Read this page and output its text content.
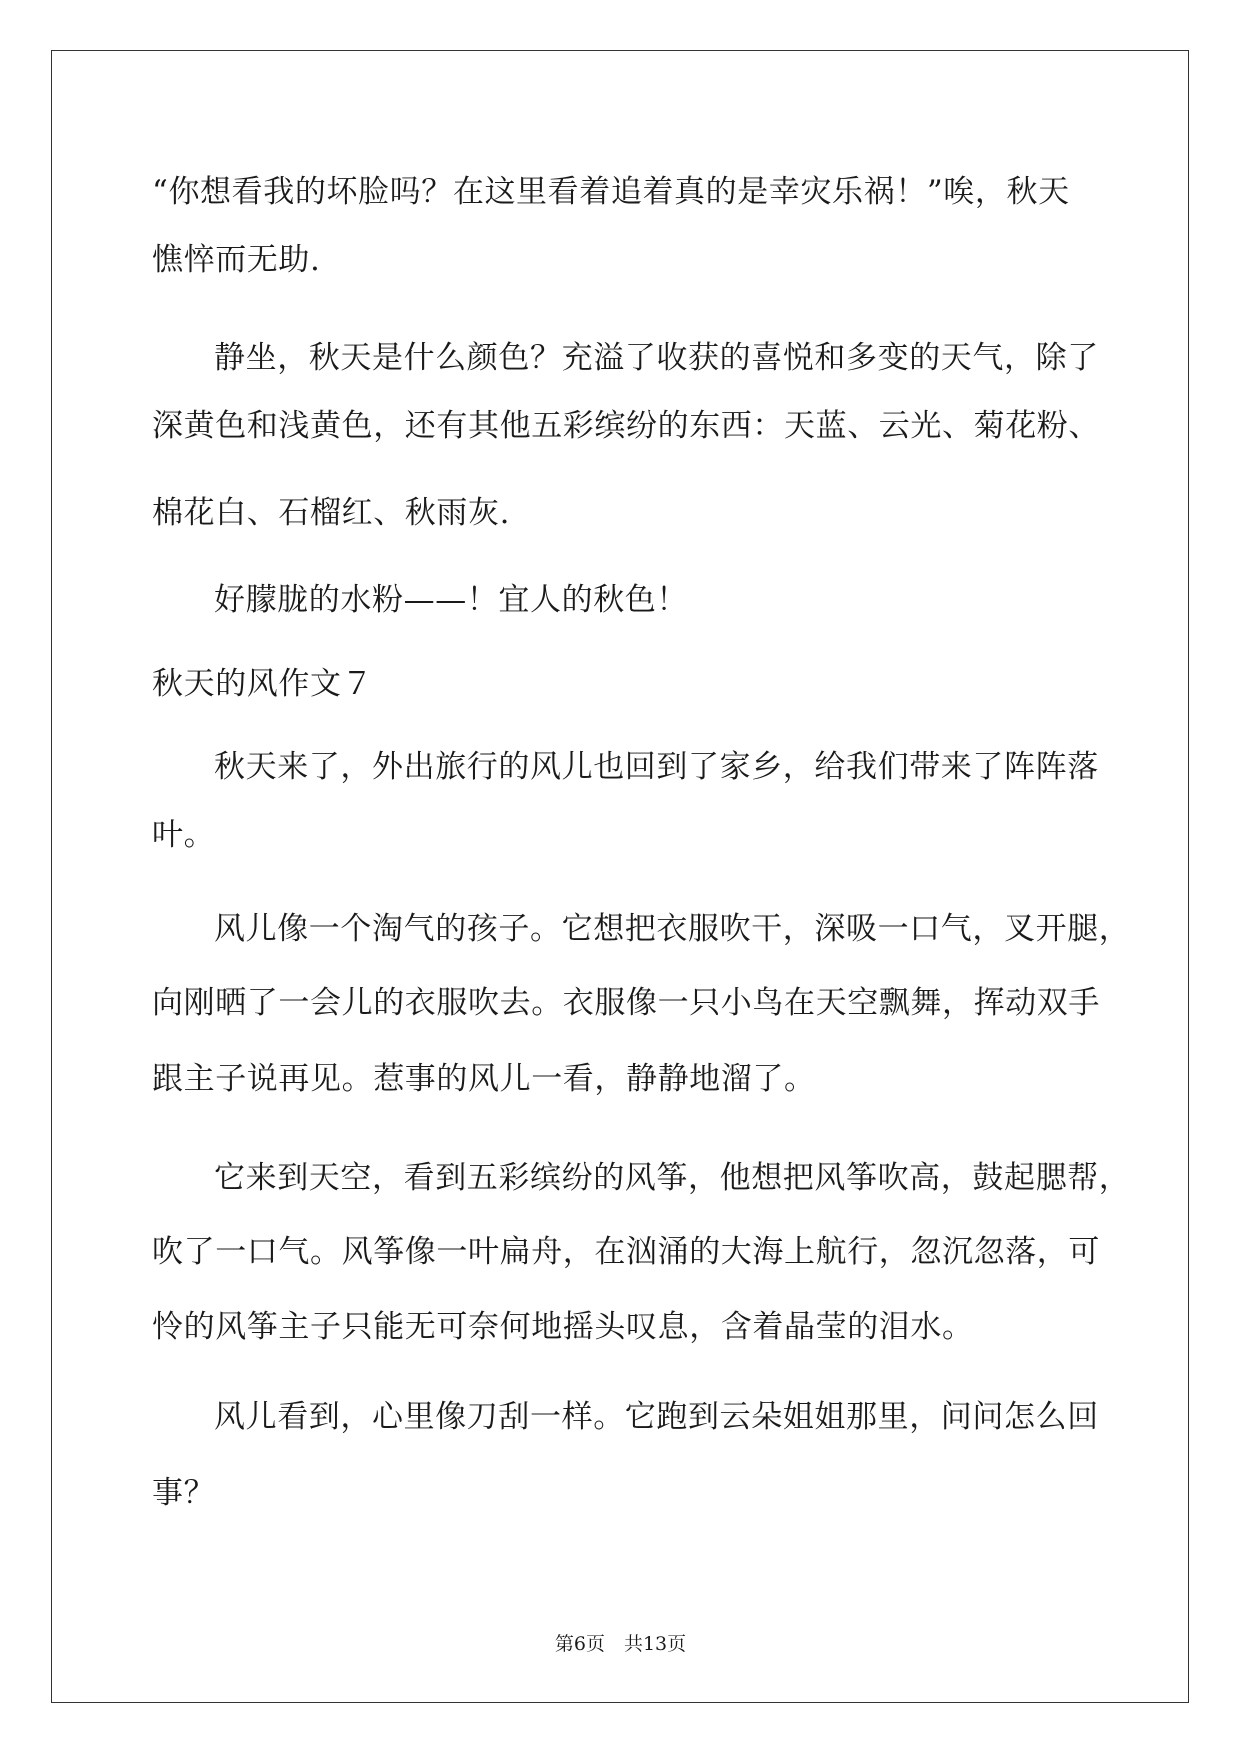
“你想看我的坏脸吗？在这里看着追着真的是幸灾乐祸！”唉，秋天
憔悴而无助.
静坐，秋天是什么颜色？充溢了收获的喜悦和多变的天气，除了
深黄色和浅黄色，还有其他五彩缤纷的东西：天蓝、云光、菊花粉、
棉花白、石榴红、秋雨灰.
好朦胧的水粉——！宜人的秋色！
秋天的风作文７
秋天来了，外出旅行的风儿也回到了家乡，给我们带来了阵阵落
叶。
风儿像一个淘气的孩子。它想把衣服吹干，深吸一口气，叉开腿，
向刚晒了一会儿的衣服吹去。衣服像一只小鸟在天空飘舞，挥动双手
跟主子说再见。惹事的风儿一看，静静地溜了。
它来到天空，看到五彩缤纷的风筝，他想把风筝吹高，鼓起腮帮，
吹了一口气。风筝像一叶扁舟，在汹涌的大海上航行，忽沉忽落，可
怜的风筝主子只能无可奈何地摇头叹息，含着晶莹的泪水。
风儿看到，心里像刀刮一样。它跑到云朵姐姐那里，问问怎么回
事？
第6页　共13页
